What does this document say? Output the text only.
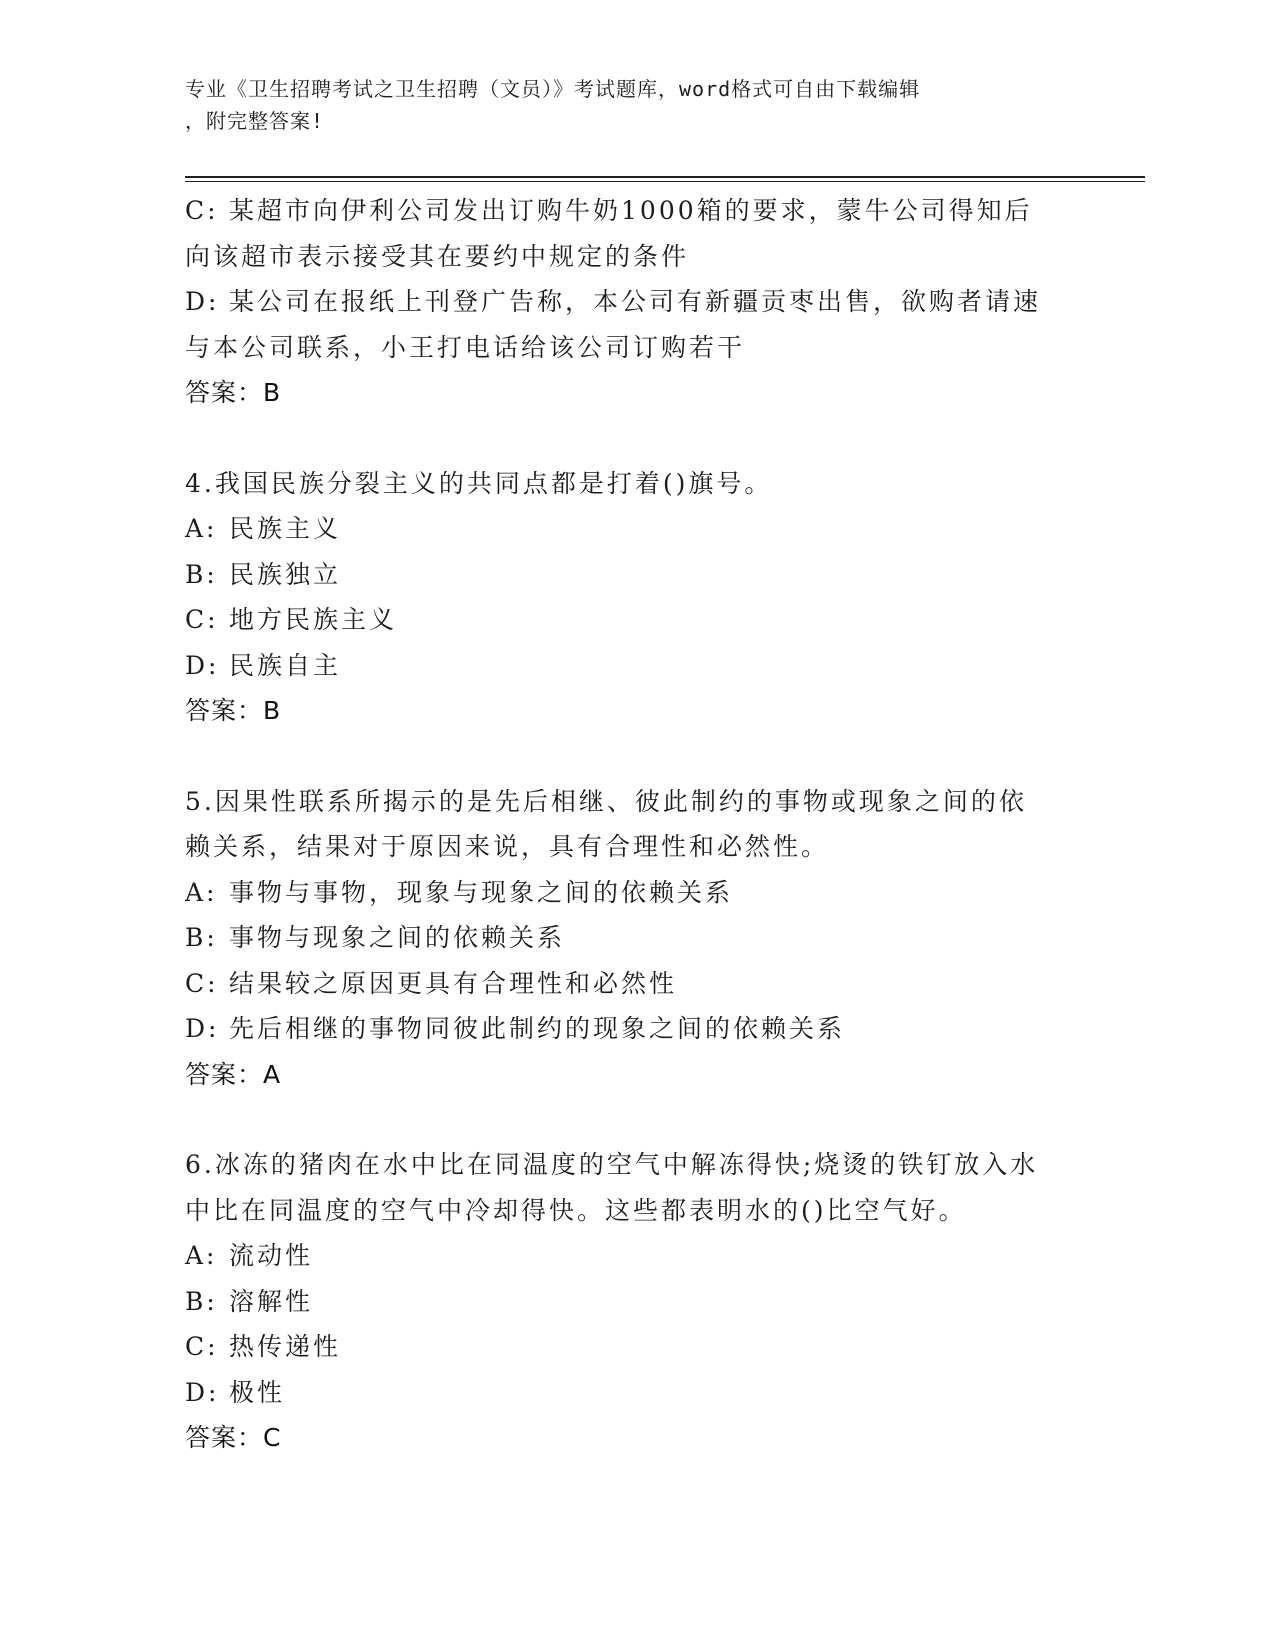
专业《卫生招聘考试之卫生招聘（文员）》考试题库，word格式可自由下载编辑
，附完整答案!
C: 某超市向伊利公司发出订购牛奶1000箱的要求，蒙牛公司得知后
向该超市表示接受其在要约中规定的条件
D: 某公司在报纸上刊登广告称，本公司有新疆贡枣出售，欲购者请速
与本公司联系，小王打电话给该公司订购若干
答案：B
4.我国民族分裂主义的共同点都是打着()旗号。
A: 民族主义
B: 民族独立
C: 地方民族主义
D: 民族自主
答案：B
5.因果性联系所揭示的是先后相继、彼此制约的事物或现象之间的依
赖关系，结果对于原因来说，具有合理性和必然性。
A: 事物与事物，现象与现象之间的依赖关系
B: 事物与现象之间的依赖关系
C: 结果较之原因更具有合理性和必然性
D: 先后相继的事物同彼此制约的现象之间的依赖关系
答案：A
6.冰冻的猪肉在水中比在同温度的空气中解冻得快;烧烫的铁钉放入水
中比在同温度的空气中冷却得快。这些都表明水的()比空气好。
A: 流动性
B: 溶解性
C: 热传递性
D: 极性
答案：C
